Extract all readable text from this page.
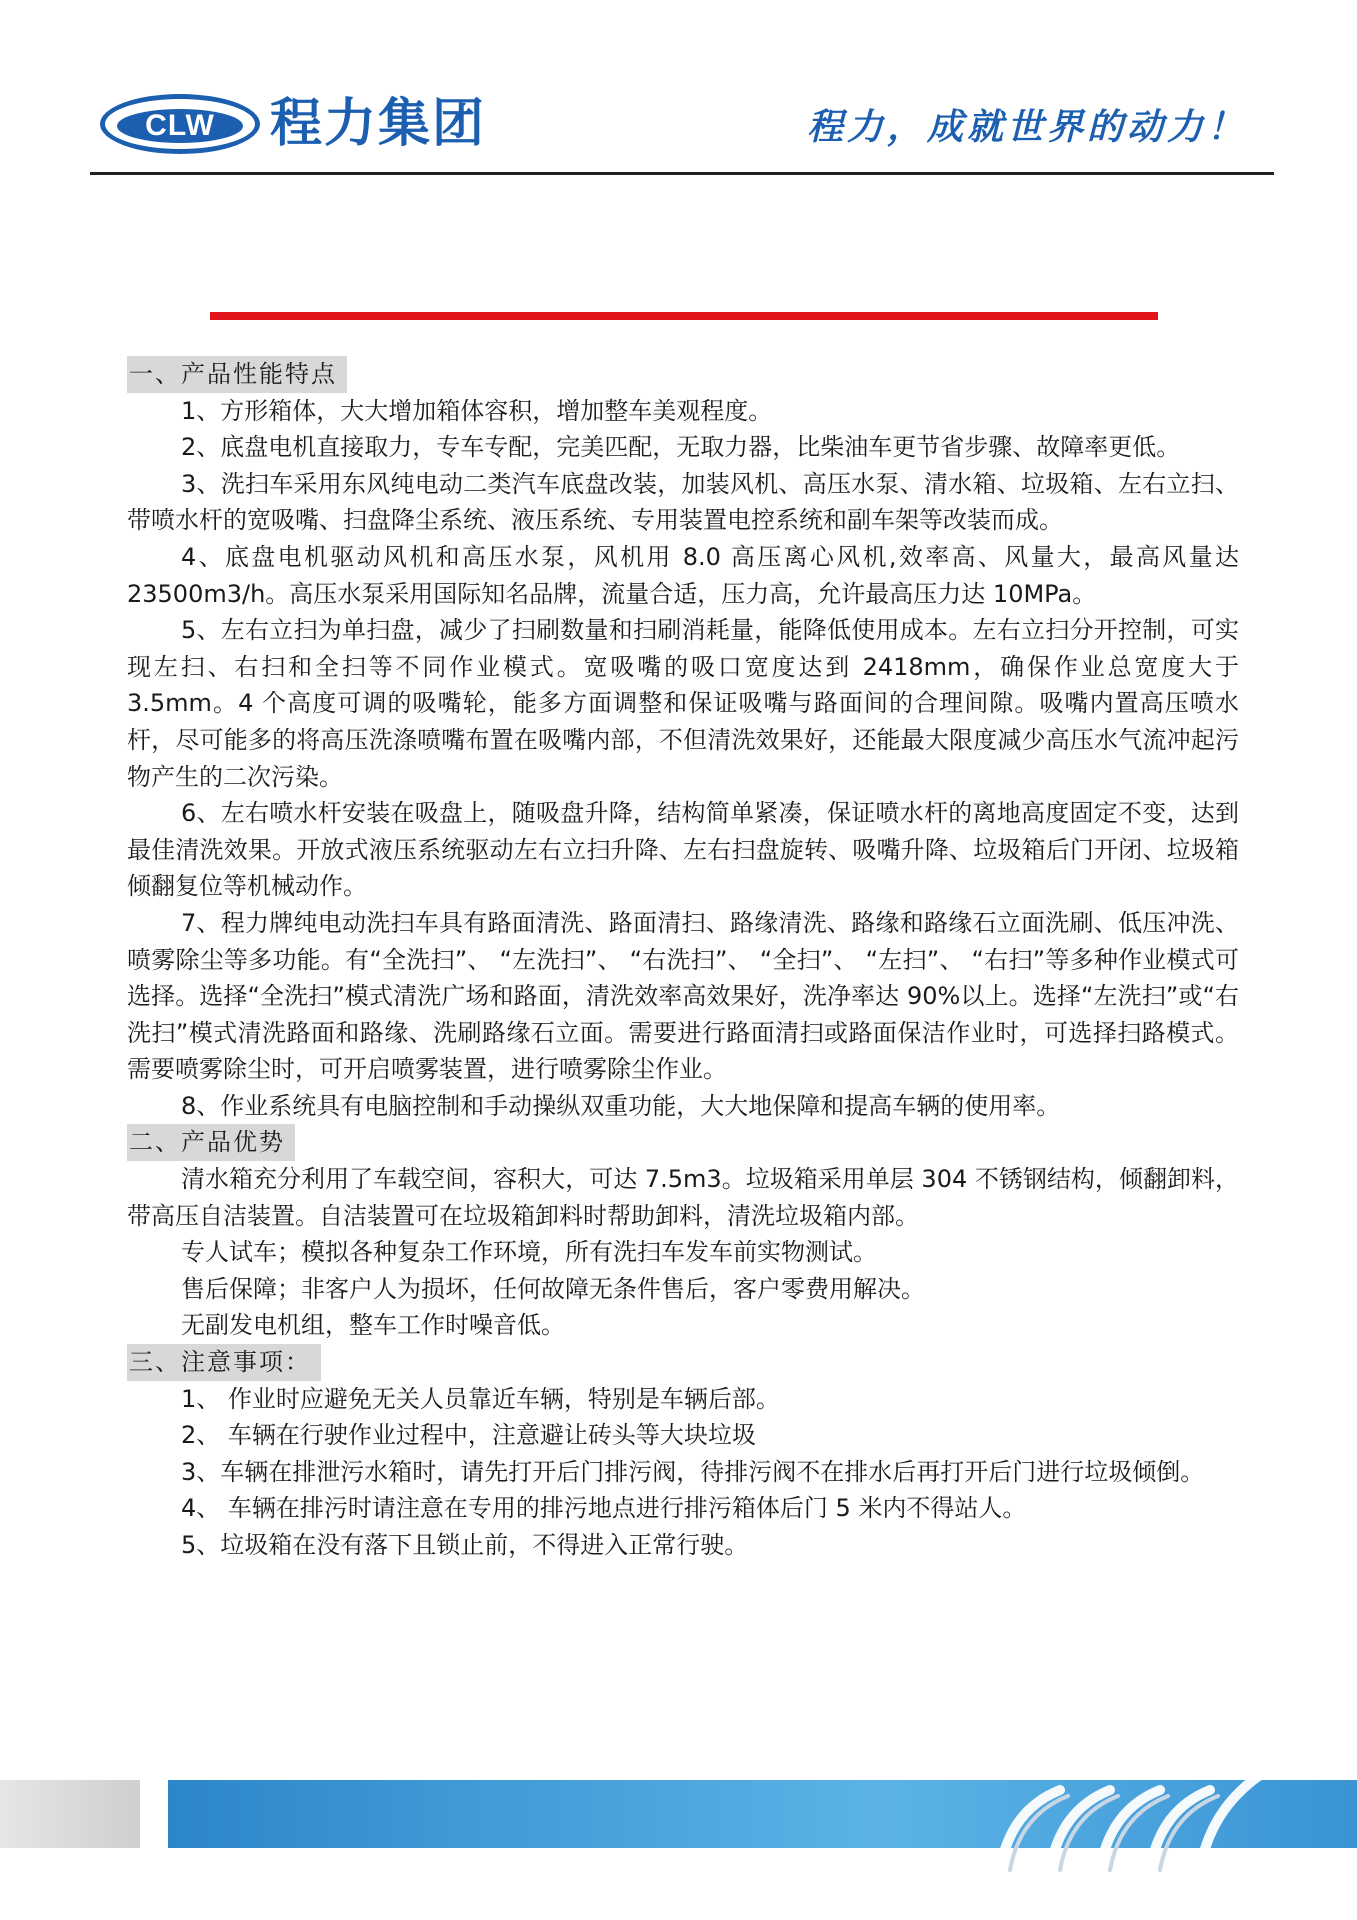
CLW	程力集团	程力，成就世界的动力！

一、产品性能特点

1、方形箱体，大大增加箱体容积，增加整车美观程度。

2、底盘电机直接取力，专车专配，完美匹配，无取力器，比柴油车更节省步骤、故障率更低。

3、洗扫车采用东风纯电动二类汽车底盘改装，加装风机、高压水泵、清水箱、垃圾箱、左右立扫、带喷水杆的宽吸嘴、扫盘降尘系统、液压系统、专用装置电控系统和副车架等改装而成。

4、底盘电机驱动风机和高压水泵，风机用 8.0 高压离心风机,效率高、风量大，最高风量达 23500m3/h。高压水泵采用国际知名品牌，流量合适，压力高，允许最高压力达 10MPa。

5、左右立扫为单扫盘，减少了扫刷数量和扫刷消耗量，能降低使用成本。左右立扫分开控制，可实现左扫、右扫和全扫等不同作业模式。宽吸嘴的吸口宽度达到 2418mm，确保作业总宽度大于 3.5mm。4 个高度可调的吸嘴轮，能多方面调整和保证吸嘴与路面间的合理间隙。吸嘴内置高压喷水杆，尽可能多的将高压洗涤喷嘴布置在吸嘴内部，不但清洗效果好，还能最大限度减少高压水气流冲起污物产生的二次污染。

6、左右喷水杆安装在吸盘上，随吸盘升降，结构简单紧凑，保证喷水杆的离地高度固定不变，达到最佳清洗效果。开放式液压系统驱动左右立扫升降、左右扫盘旋转、吸嘴升降、垃圾箱后门开闭、垃圾箱倾翻复位等机械动作。

7、程力牌纯电动洗扫车具有路面清洗、路面清扫、路缘清洗、路缘和路缘石立面洗刷、低压冲洗、喷雾除尘等多功能。有“全洗扫”、 “左洗扫”、 “右洗扫”、 “全扫”、 “左扫”、 “右扫”等多种作业模式可选择。选择“全洗扫”模式清洗广场和路面，清洗效率高效果好，洗净率达 90%以上。选择“左洗扫”或“右洗扫”模式清洗路面和路缘、洗刷路缘石立面。需要进行路面清扫或路面保洁作业时，可选择扫路模式。需要喷雾除尘时，可开启喷雾装置，进行喷雾除尘作业。

8、作业系统具有电脑控制和手动操纵双重功能，大大地保障和提高车辆的使用率。

二、产品优势

清水箱充分利用了车载空间，容积大，可达 7.5m3。垃圾箱采用单层 304 不锈钢结构，倾翻卸料，带高压自洁装置。自洁装置可在垃圾箱卸料时帮助卸料，清洗垃圾箱内部。

专人试车；模拟各种复杂工作环境，所有洗扫车发车前实物测试。

售后保障；非客户人为损坏，任何故障无条件售后，客户零费用解决。

无副发电机组，整车工作时噪音低。

三、注意事项：

1、 作业时应避免无关人员靠近车辆，特别是车辆后部。

2、 车辆在行驶作业过程中，注意避让砖头等大块垃圾

3、车辆在排泄污水箱时，请先打开后门排污阀，待排污阀不在排水后再打开后门进行垃圾倾倒。

4、 车辆在排污时请注意在专用的排污地点进行排污箱体后门 5 米内不得站人。

5、垃圾箱在没有落下且锁止前，不得进入正常行驶。
